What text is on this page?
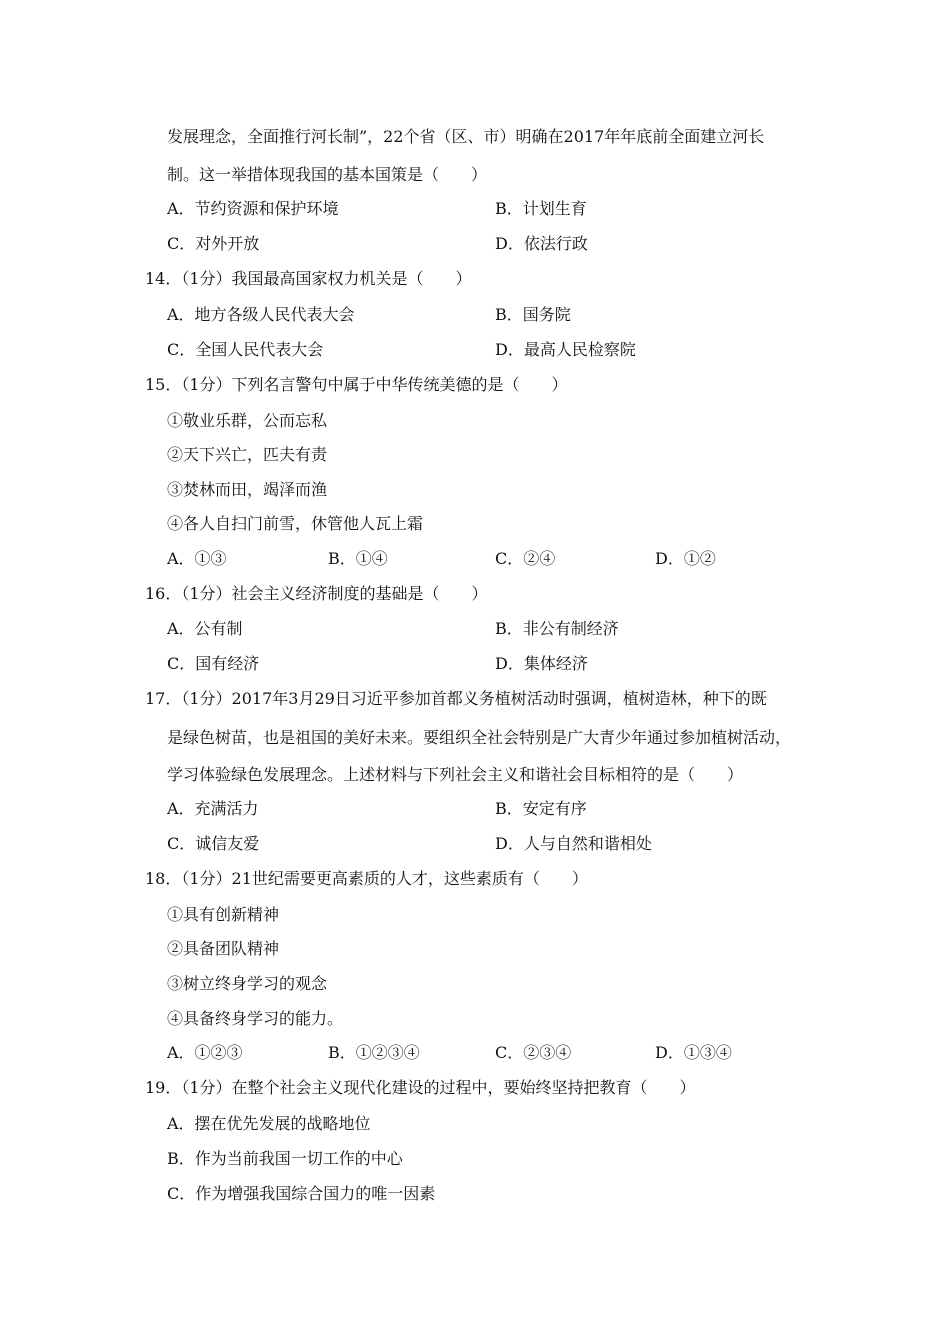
发展理念，全面推行河长制”，22个省（区、市）明确在2017年年底前全面建立河长
制。这一举措体现我国的基本国策是（　　）
A．节约资源和保护环境	B．计划生育
C．对外开放	D．依法行政
14．（1分）我国最高国家权力机关是（　　）
A．地方各级人民代表大会	B．国务院
C．全国人民代表大会	D．最高人民检察院
15．（1分）下列名言警句中属于中华传统美德的是（　　）
①敬业乐群，公而忘私
②天下兴亡，匹夫有责
③焚林而田，竭泽而渔
④各人自扫门前雪，休管他人瓦上霜
A．①③	B．①④	C．②④	D．①②
16．（1分）社会主义经济制度的基础是（　　）
A．公有制	B．非公有制经济
C．国有经济	D．集体经济
17．（1分）2017年3月29日习近平参加首都义务植树活动时强调，植树造林，种下的既
是绿色树苗，也是祖国的美好未来。要组织全社会特别是广大青少年通过参加植树活动，
学习体验绿色发展理念。上述材料与下列社会主义和谐社会目标相符的是（　　）
A．充满活力	B．安定有序
C．诚信友爱	D．人与自然和谐相处
18．（1分）21世纪需要更高素质的人才，这些素质有（　　）
①具有创新精神
②具备团队精神
③树立终身学习的观念
④具备终身学习的能力。
A．①②③	B．①②③④	C．②③④	D．①③④
19．（1分）在整个社会主义现代化建设的过程中，要始终坚持把教育（　　）
A．摆在优先发展的战略地位
B．作为当前我国一切工作的中心
C．作为增强我国综合国力的唯一因素
